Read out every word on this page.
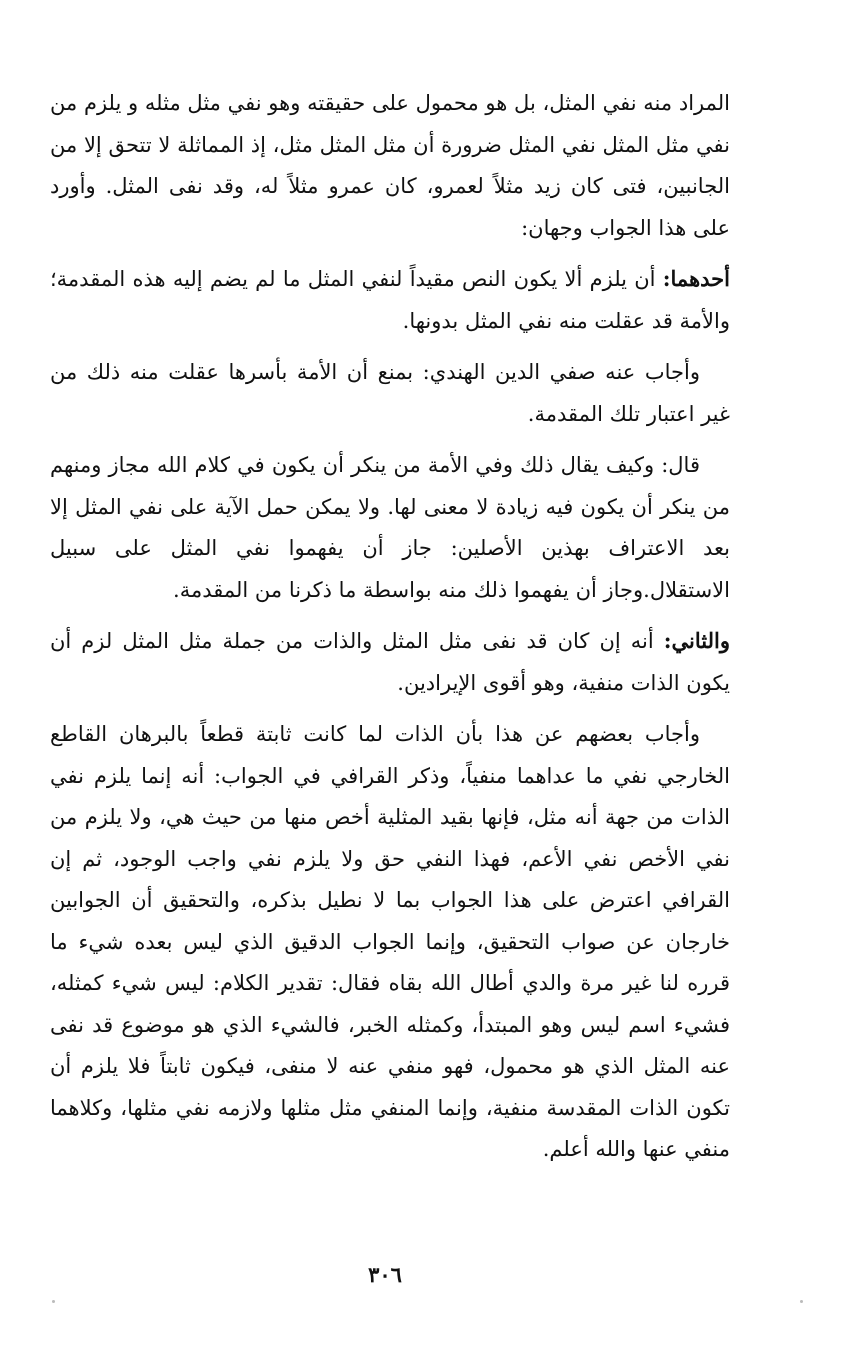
المراد منه نفي المثل، بل هو محمول على حقيقته وهو نفي مثل مثله و يلزم من نفي مثل المثل نفي المثل ضرورة أن مثل المثل مثل، إذ المماثلة لا تتحق إلا من الجانبين، فتى كان زيد مثلاً لعمرو، كان عمرو مثلاً له، وقد نفى المثل. وأورد على هذا الجواب وجهان:

أحدهما: أن يلزم ألا يكون النص مقيداً لنفي المثل ما لم يضم إليه هذه المقدمة؛ والأمة قد عقلت منه نفي المثل بدونها.

وأجاب عنه صفي الدين الهندي: بمنع أن الأمة بأسرها عقلت منه ذلك من غير اعتبار تلك المقدمة.

قال: وكيف يقال ذلك وفي الأمة من ينكر أن يكون في كلام الله مجاز ومنهم من ينكر أن يكون فيه زيادة لا معنى لها. ولا يمكن حمل الآية على نفي المثل إلا بعد الاعتراف بهذين الأصلين: جاز أن يفهموا نفي المثل على سبيل الاستقلال.وجاز أن يفهموا ذلك منه بواسطة ما ذكرنا من المقدمة.

والثاني: أنه إن كان قد نفى مثل المثل والذات من جملة مثل المثل لزم أن يكون الذات منفية، وهو أقوى الإيرادين.

وأجاب بعضهم عن هذا بأن الذات لما كانت ثابتة قطعاً بالبرهان القاطع الخارجي نفي ما عداهما منفياً، وذكر القرافي في الجواب: أنه إنما يلزم نفي الذات من جهة أنه مثل، فإنها بقيد المثلية أخص منها من حيث هي، ولا يلزم من نفي الأخص نفي الأعم، فهذا النفي حق ولا يلزم نفي واجب الوجود، ثم إن القرافي اعترض على هذا الجواب بما لا نطيل بذكره، والتحقيق أن الجوابين خارجان عن صواب التحقيق، وإنما الجواب الدقيق الذي ليس بعده شيء ما قرره لنا غير مرة والدي أطال الله بقاه فقال: تقدير الكلام: ليس شيء كمثله، فشيء اسم ليس وهو المبتدأ، وكمثله الخبر، فالشيء الذي هو موضوع قد نفى عنه المثل الذي هو محمول، فهو منفي عنه لا منفى، فيكون ثابتاً فلا يلزم أن تكون الذات المقدسة منفية، وإنما المنفي مثل مثلها ولازمه نفي مثلها، وكلاهما منفي عنها والله أعلم.

٣٠٦
